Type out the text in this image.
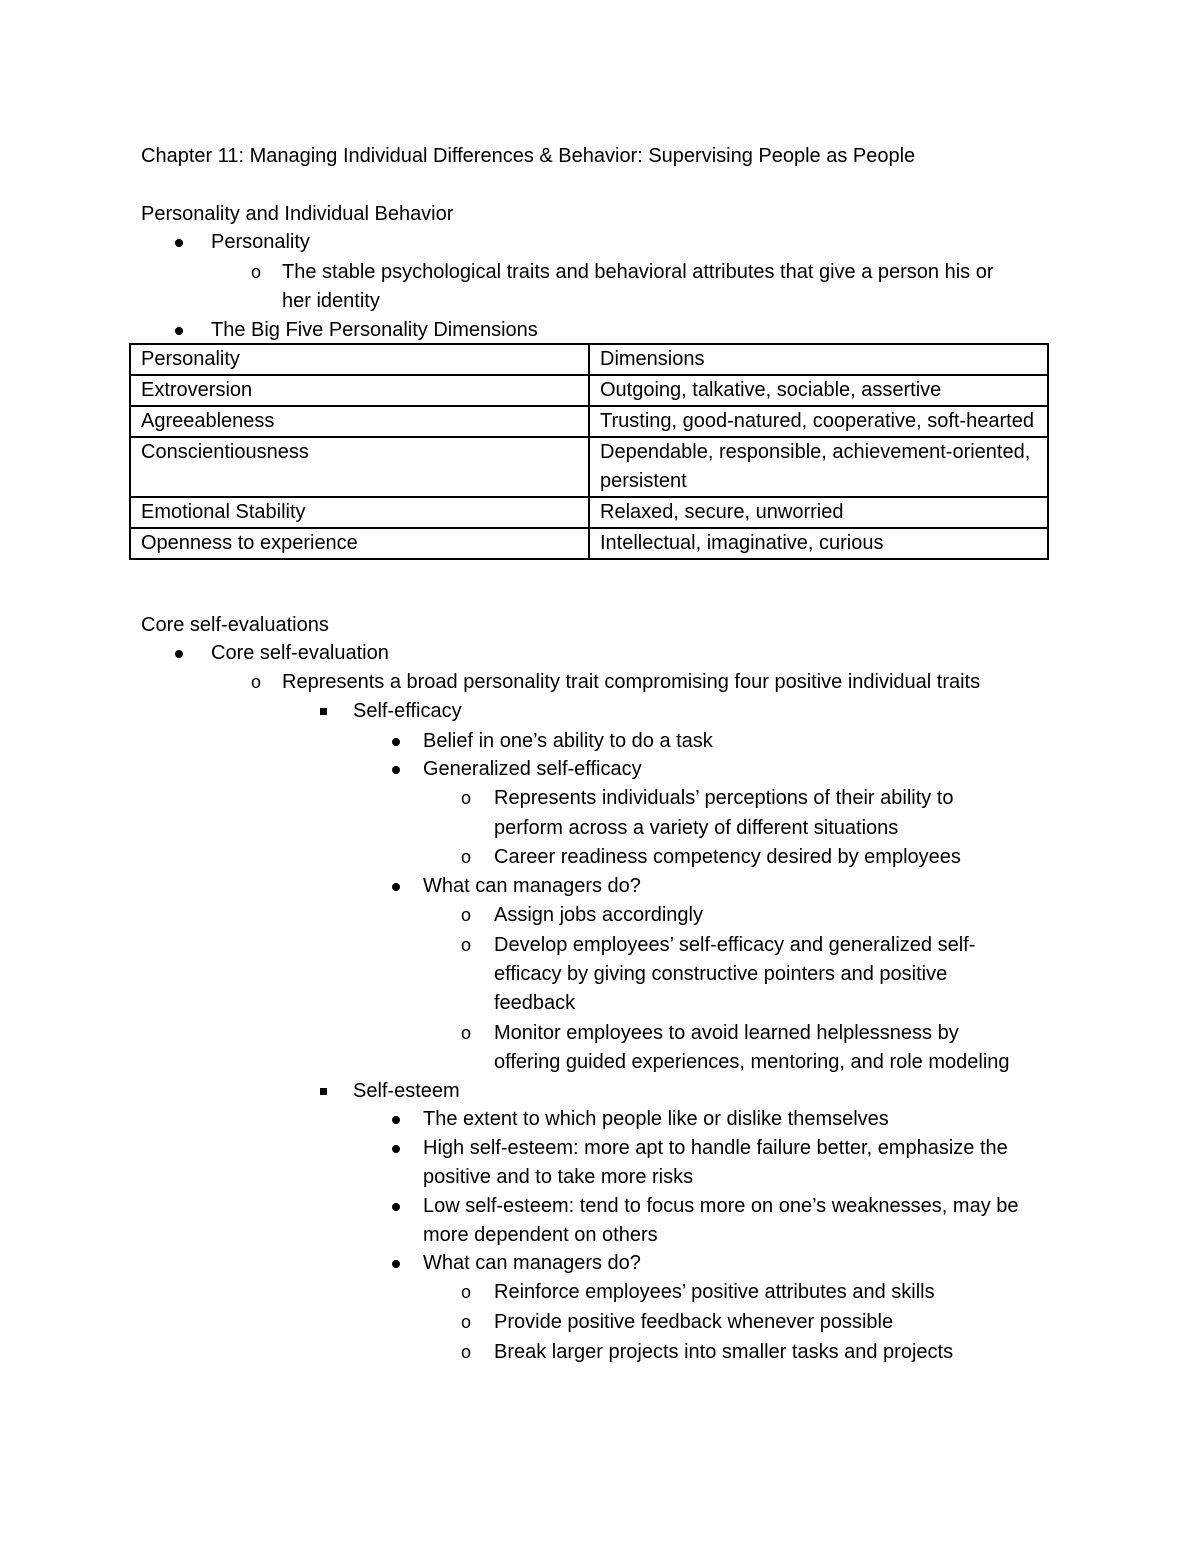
Chapter 11: Managing Individual Differences & Behavior: Supervising People as People
Personality and Individual Behavior
Personality
o The stable psychological traits and behavioral attributes that give a person his or
her identity
The Big Five Personality Dimensions
Personality	Dimensions
Extroversion	Outgoing, talkative, sociable, assertive
Agreeableness	Trusting, good-natured, cooperative, soft-hearted
Conscientiousness	Dependable, responsible, achievement-oriented, persistent
Emotional Stability	Relaxed, secure, unworried
Openness to experience	Intellectual, imaginative, curious
Core self-evaluations
Core self-evaluation
o Represents a broad personality trait compromising four positive individual traits
Self-efficacy
Belief in one’s ability to do a task
Generalized self-efficacy
o Represents individuals’ perceptions of their ability to
perform across a variety of different situations
o Career readiness competency desired by employees
What can managers do?
o Assign jobs accordingly
o Develop employees’ self-efficacy and generalized self-
efficacy by giving constructive pointers and positive
feedback
o Monitor employees to avoid learned helplessness by
offering guided experiences, mentoring, and role modeling
Self-esteem
The extent to which people like or dislike themselves
High self-esteem: more apt to handle failure better, emphasize the
positive and to take more risks
Low self-esteem: tend to focus more on one’s weaknesses, may be
more dependent on others
What can managers do?
o Reinforce employees’ positive attributes and skills
o Provide positive feedback whenever possible
o Break larger projects into smaller tasks and projects
